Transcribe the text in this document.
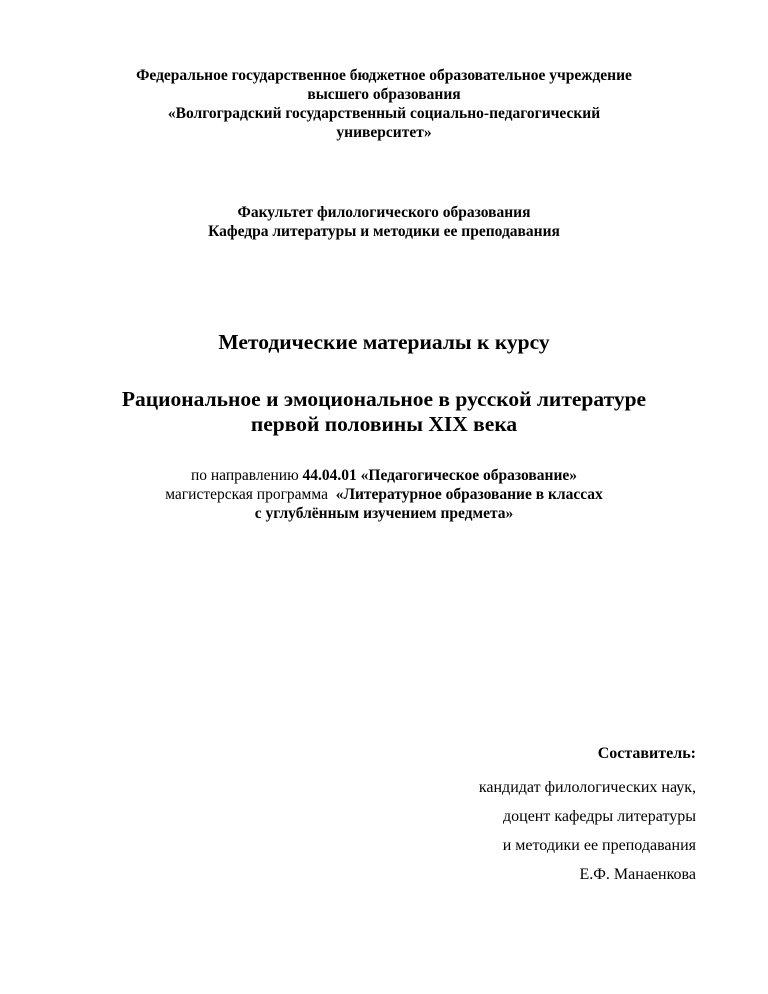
Федеральное государственное бюджетное образовательное учреждение
высшего образования
«Волгоградский государственный социально-педагогический
университет»
Факультет филологического образования
Кафедра литературы и методики ее преподавания
Методические материалы к курсу
Рациональное и эмоциональное в русской литературе
первой половины XIX века
по направлению 44.04.01 «Педагогическое образование»
магистерская программа «Литературное образование в классах
с углублённым изучением предмета»
Составитель:
кандидат филологических наук,
доцент кафедры литературы
и методики ее преподавания
Е.Ф. Манаенкова
